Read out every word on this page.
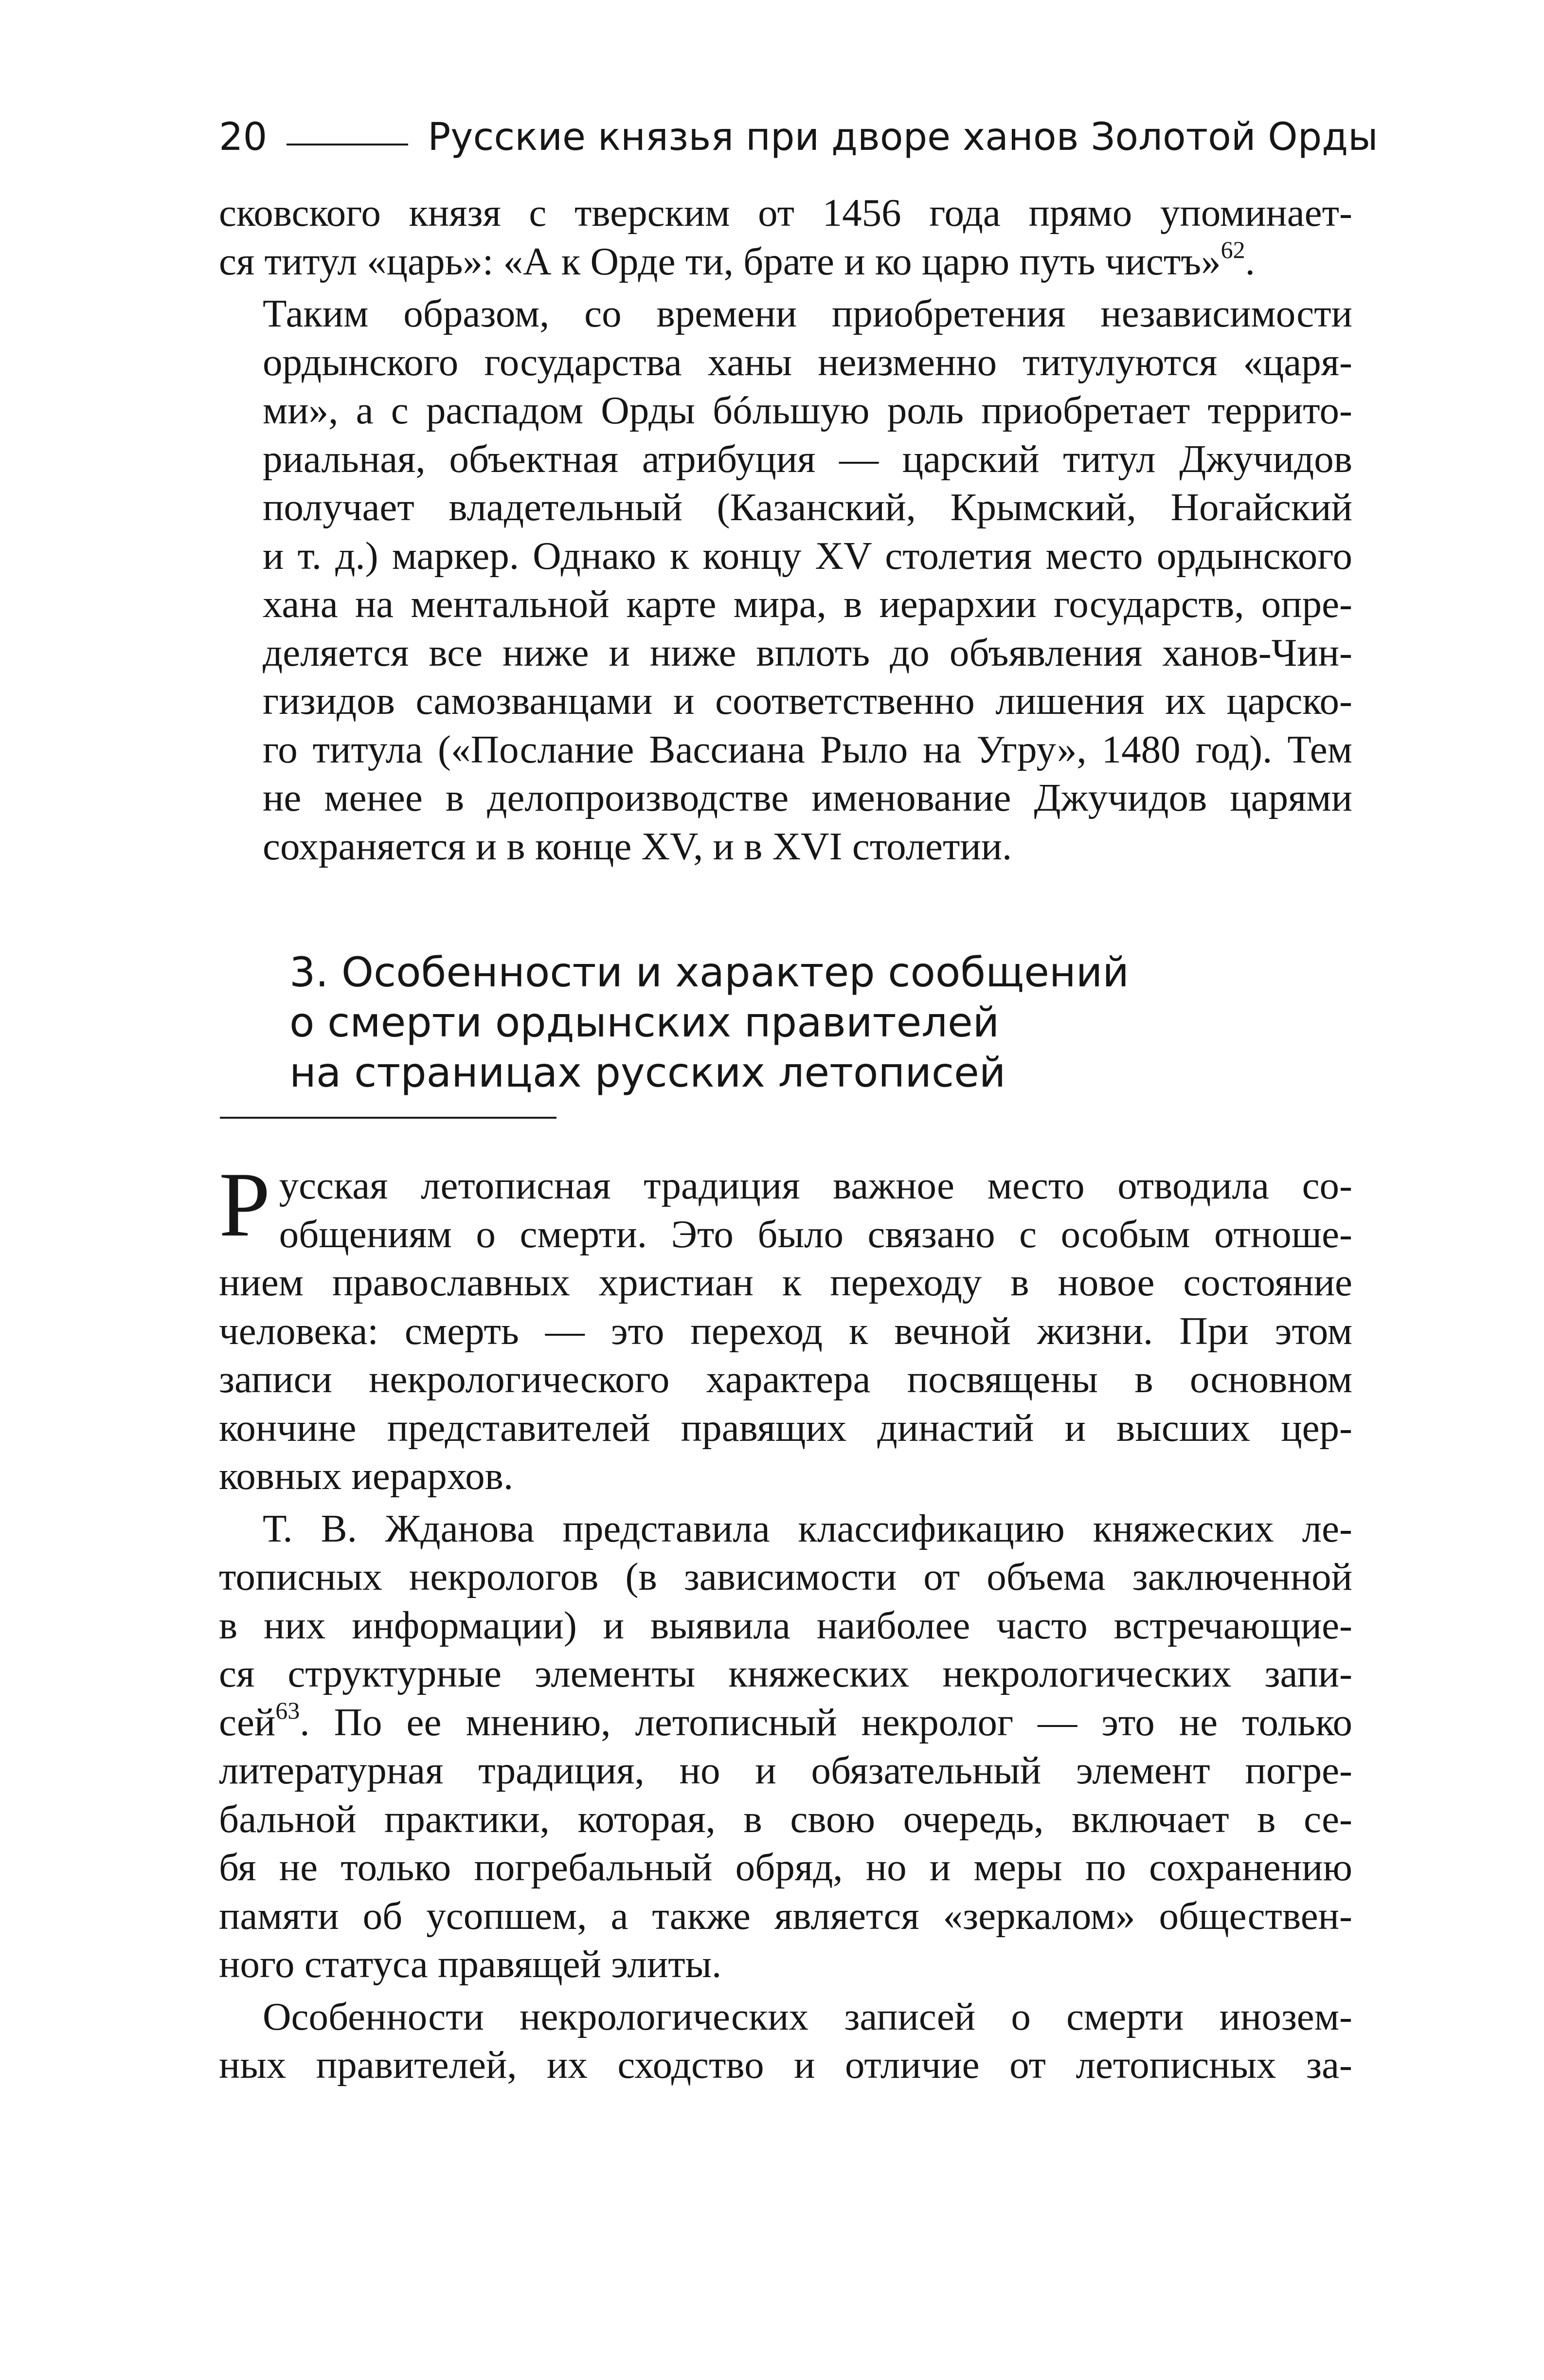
20	Русские князья при дворе ханов Золотой Орды

сковского князя с тверским от 1456 года прямо упоминает-
ся титул «царь»: «А к Орде ти, брате и ко царю путь чистъ»$^{62}$.

Таким образом, со времени приобретения независимости
ордынского государства ханы неизменно титулуются «царя-
ми», а с распадом Орды бóльшую роль приобретает террито-
риальная, объектная атрибуция — царский титул Джучидов
получает владетельный (Казанский, Крымский, Ногайский
и т. д.) маркер. Однако к концу XV столетия место ордынского
хана на ментальной карте мира, в иерархии государств, опре-
деляется все ниже и ниже вплоть до объявления ханов-Чин-
гизидов самозванцами и соответственно лишения их царско-
го титула («Послание Вассиана Рыло на Угру», 1480 год). Тем
не менее в делопроизводстве именование Джучидов царями
сохраняется и в конце XV, и в XVI столетии.

3. Особенности и характер сообщений
о смерти ордынских правителей
на страницах русских летописей

Р усская летописная традиция важное место отводила со-
общениям о смерти. Это было связано с особым отноше-
нием православных христиан к переходу в новое состояние
человека: смерть — это переход к вечной жизни. При этом
записи некрологического характера посвящены в основном
кончине представителей правящих династий и высших цер-
ковных иерархов.

Т. В. Жданова представила классификацию княжеских ле-
тописных некрологов (в зависимости от объема заключенной
в них информации) и выявила наиболее часто встречающие-
ся структурные элементы княжеских некрологических запи-
сей$^{63}$. По ее мнению, летописный некролог — это не только
литературная традиция, но и обязательный элемент погре-
бальной практики, которая, в свою очередь, включает в се-
бя не только погребальный обряд, но и меры по сохранению
памяти об усопшем, а также является «зеркалом» обществен-
ного статуса правящей элиты.

Особенности некрологических записей о смерти инозем-
ных правителей, их сходство и отличие от летописных за-
